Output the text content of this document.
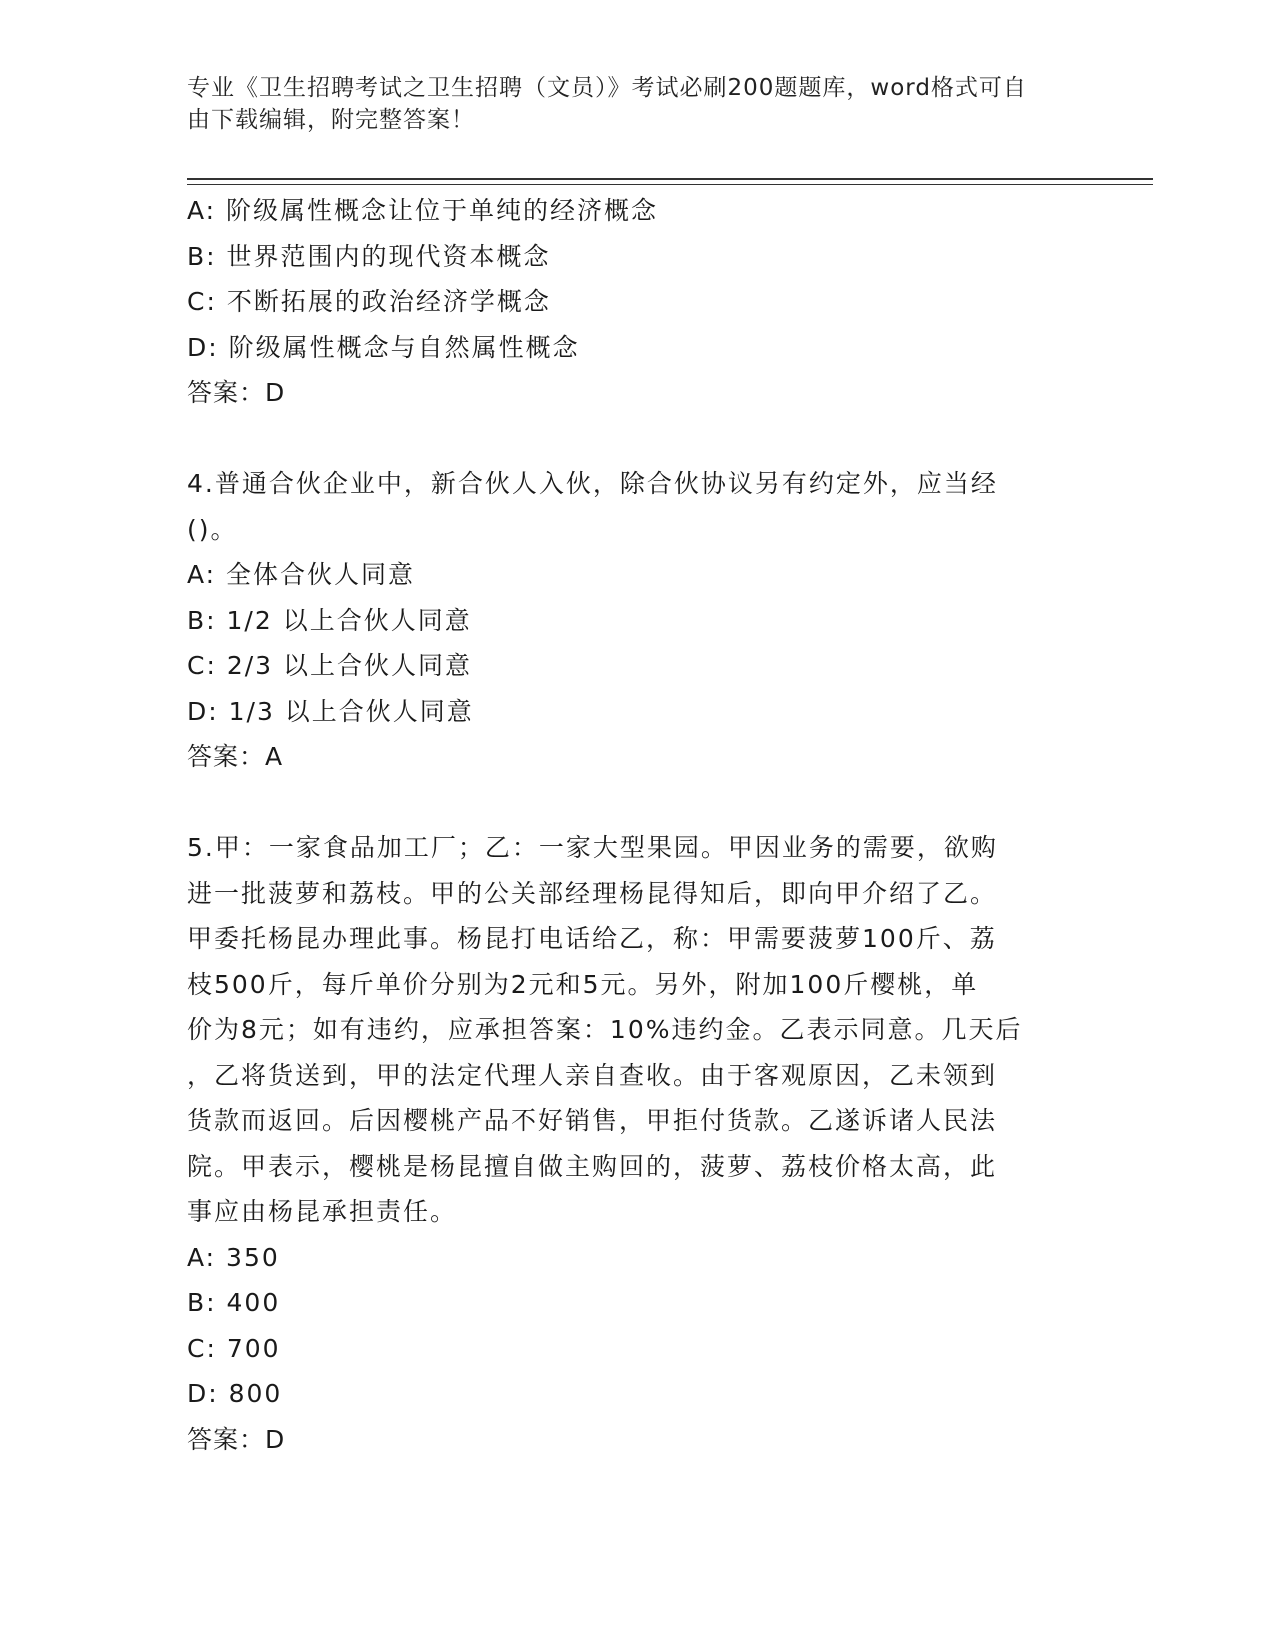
专业《卫生招聘考试之卫生招聘（文员）》考试必刷200题题库，word格式可自
由下载编辑，附完整答案！
A: 阶级属性概念让位于单纯的经济概念
B: 世界范围内的现代资本概念
C: 不断拓展的政治经济学概念
D: 阶级属性概念与自然属性概念
答案：D
4.普通合伙企业中，新合伙人入伙，除合伙协议另有约定外，应当经
()。
A: 全体合伙人同意
B: 1/2 以上合伙人同意
C: 2/3 以上合伙人同意
D: 1/3 以上合伙人同意
答案：A
5.甲：一家食品加工厂；乙：一家大型果园。甲因业务的需要，欲购
进一批菠萝和荔枝。甲的公关部经理杨昆得知后，即向甲介绍了乙。
甲委托杨昆办理此事。杨昆打电话给乙，称：甲需要菠萝100斤、荔
枝500斤，每斤单价分别为2元和5元。另外，附加100斤樱桃，单
价为8元；如有违约，应承担答案：10%违约金。乙表示同意。几天后
，乙将货送到，甲的法定代理人亲自查收。由于客观原因，乙未领到
货款而返回。后因樱桃产品不好销售，甲拒付货款。乙遂诉诸人民法
院。甲表示，樱桃是杨昆擅自做主购回的，菠萝、荔枝价格太高，此
事应由杨昆承担责任。
A: 350
B: 400
C: 700
D: 800
答案：D
